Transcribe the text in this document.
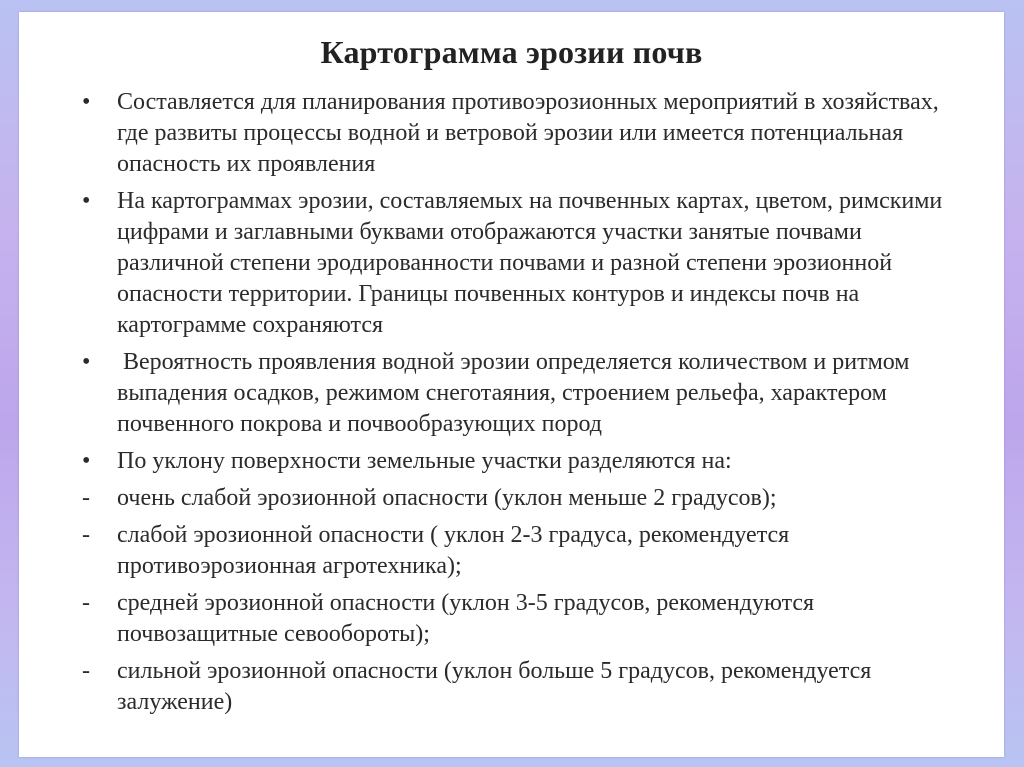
Картограмма эрозии почв
• Составляется для планирования противоэрозионных мероприятий в хозяйствах, где развиты процессы водной и ветровой эрозии или имеется потенциальная опасность их проявления
• На картограммах эрозии, составляемых на почвенных картах, цветом, римскими цифрами и заглавными буквами отображаются участки занятые почвами различной степени эродированности почвами и разной степени эрозионной опасности территории. Границы почвенных контуров и индексы почв на картограмме сохраняются
• Вероятность проявления водной эрозии определяется количеством и ритмом выпадения осадков, режимом снеготаяния, строением рельефа, характером почвенного покрова и почвообразующих пород
• По уклону поверхности земельные участки разделяются на:
- очень слабой эрозионной опасности (уклон меньше 2 градусов);
- слабой эрозионной опасности ( уклон 2-3 градуса, рекомендуется противоэрозионная агротехника);
- средней эрозионной опасности (уклон 3-5 градусов, рекомендуются почвозащитные севообороты);
- сильной эрозионной опасности (уклон больше 5 градусов, рекомендуется залужение)
